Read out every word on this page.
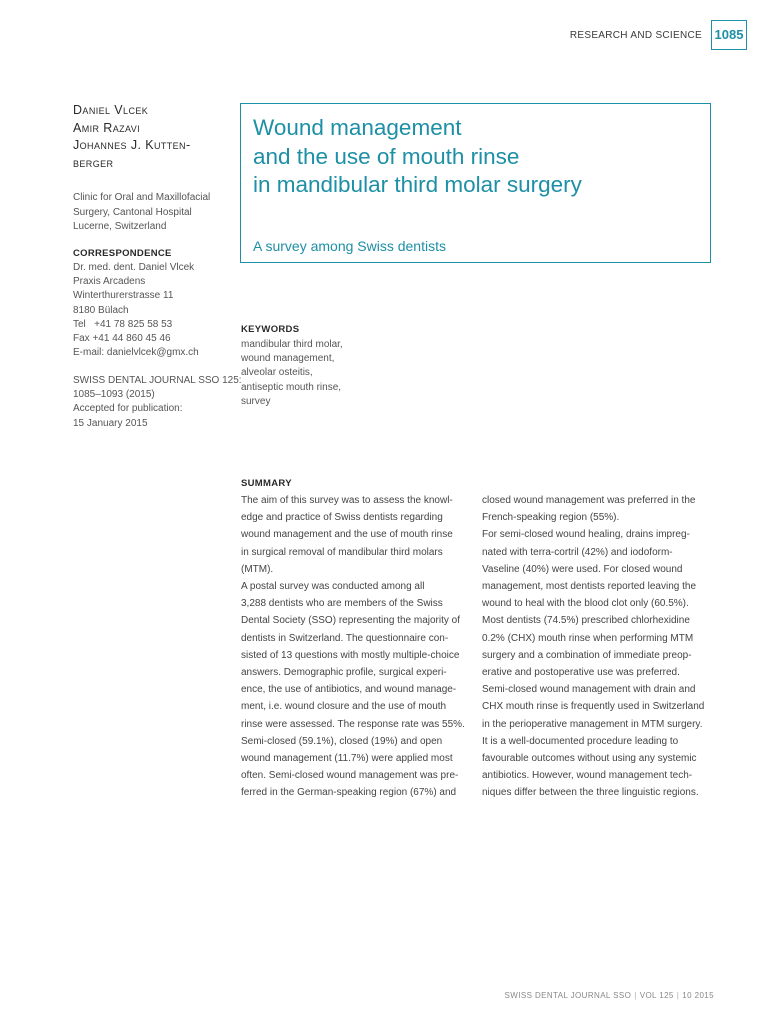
RESEARCH AND SCIENCE 1085
Daniel Vlcek
Amir Razavi
Johannes J. Kutten-
berger
Clinic for Oral and Maxillofacial
Surgery, Cantonal Hospital
Lucerne, Switzerland
CORRESPONDENCE
Dr. med. dent. Daniel Vlcek
Praxis Arcadens
Winterthurerstrasse 11
8180 Bülach
Tel   +41 78 825 58 53
Fax +41 44 860 45 46
E-mail: danielvlcek@gmx.ch
SWISS DENTAL JOURNAL SSO 125:
1085–1093 (2015)
Accepted for publication:
15 January 2015
Wound management
and the use of mouth rinse
in mandibular third molar surgery
A survey among Swiss dentists
KEYWORDS
mandibular third molar,
wound management,
alveolar osteitis,
antiseptic mouth rinse,
survey
SUMMARY
The aim of this survey was to assess the knowl-
edge and practice of Swiss dentists regarding
wound management and the use of mouth rinse
in surgical removal of mandibular third molars
(MTM).
A postal survey was conducted among all
3,288 dentists who are members of the Swiss
Dental Society (SSO) representing the majority of
dentists in Switzerland. The questionnaire con-
sisted of 13 questions with mostly multiple-choice
answers. Demographic profile, surgical experi-
ence, the use of antibiotics, and wound manage-
ment, i.e. wound closure and the use of mouth
rinse were assessed. The response rate was 55%.
Semi-closed (59.1%), closed (19%) and open
wound management (11.7%) were applied most
often. Semi-closed wound management was pre-
ferred in the German-speaking region (67%) and
closed wound management was preferred in the
French-speaking region (55%).
For semi-closed wound healing, drains impreg-
nated with terra-cortril (42%) and iodoform-
Vaseline (40%) were used. For closed wound
management, most dentists reported leaving the
wound to heal with the blood clot only (60.5%).
Most dentists (74.5%) prescribed chlorhexidine
0.2% (CHX) mouth rinse when performing MTM
surgery and a combination of immediate preop-
erative and postoperative use was preferred.
Semi-closed wound management with drain and
CHX mouth rinse is frequently used in Switzerland
in the perioperative management in MTM surgery.
It is a well-documented procedure leading to
favourable outcomes without using any systemic
antibiotics. However, wound management tech-
niques differ between the three linguistic regions.
SWISS DENTAL JOURNAL SSO | VOL 125 | 10 2015
